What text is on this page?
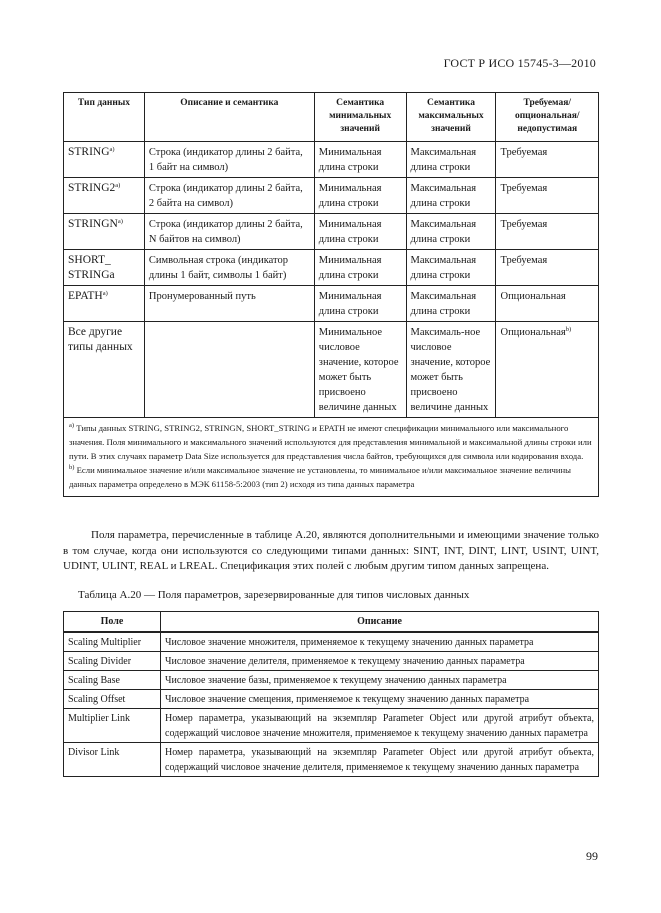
ГОСТ Р ИСО 15745-3—2010
Тип данных	Описание и семантика	Семантика минимальных значений	Семантика максимальных значений	Требуемая/ опциональная/ недопустимая
STRING$^{a)}$	Строка (индикатор длины 2 байта, 1 байт на символ)	Минимальная длина строки	Максимальная длина строки	Требуемая
STRING2$^{a)}$	Строка (индикатор длины 2 байта, 2 байта на символ)	Минимальная длина строки	Максимальная длина строки	Требуемая
STRINGN$^{a)}$	Строка (индикатор длины 2 байта, N байтов на символ)	Минимальная длина строки	Максимальная длина строки	Требуемая
SHORT_ STRINGa	Символьная строка (индикатор длины 1 байт, символы 1 байт)	Минимальная длина строки	Максимальная длина строки	Требуемая
EPATH$^{a)}$	Пронумерованный путь	Минимальная длина строки	Максимальная длина строки	Опциональная
Все другие типы данных		Минимальное числовое значение, которое может быть присвоено величине данных	Максималь-ное числовое значение, которое может быть присвоено величине данных	Опциональная$^{b)}$

$^{a)}$ Типы данных STRING, STRING2, STRINGN, SHORT_STRING и EPATH не имеют спецификации минимального или максимального значения. Поля минимального и максимального значений используются для представления минимальной и максимальной длины строки или пути. В этих случаях параметр Data Size используется для представления числа байтов, требующихся для символа или кодирования входа.
$^{b)}$ Если минимальное значение и/или максимальное значение не установлены, то минимальное и/или максимальное значение величины данных параметра определено в МЭК 61158-5:2003 (тип 2) исходя из типа данных параметра				

Поля параметра, перечисленные в таблице А.20, являются дополнительными и имеющими значение только в том случае, когда они используются со следующими типами данных: SINT, INT, DINT, LINT, USINT, UINT, UDINT, ULINT, REAL и LREAL. Спецификация этих полей с любым другим типом данных запрещена.

Таблица А.20 — Поля параметров, зарезервированные для типов числовых данных
Поле	Описание
Scaling Multiplier	Числовое значение множителя, применяемое к текущему значению данных параметра
Scaling Divider	Числовое значение делителя, применяемое к текущему значению данных параметра
Scaling Base	Числовое значение базы, применяемое к текущему значению данных параметра
Scaling Offset	Числовое значение смещения, применяемое к текущему значению данных параметра
Multiplier Link	Номер параметра, указывающий на экземпляр Parameter Object или другой атрибут объекта, содержащий числовое значение множителя, применяемое к текущему значению данных параметра
Divisor Link	Номер параметра, указывающий на экземпляр Parameter Object или другой атрибут объекта, содержащий числовое значение делителя, применяемое к текущему значению данных параметра
99
